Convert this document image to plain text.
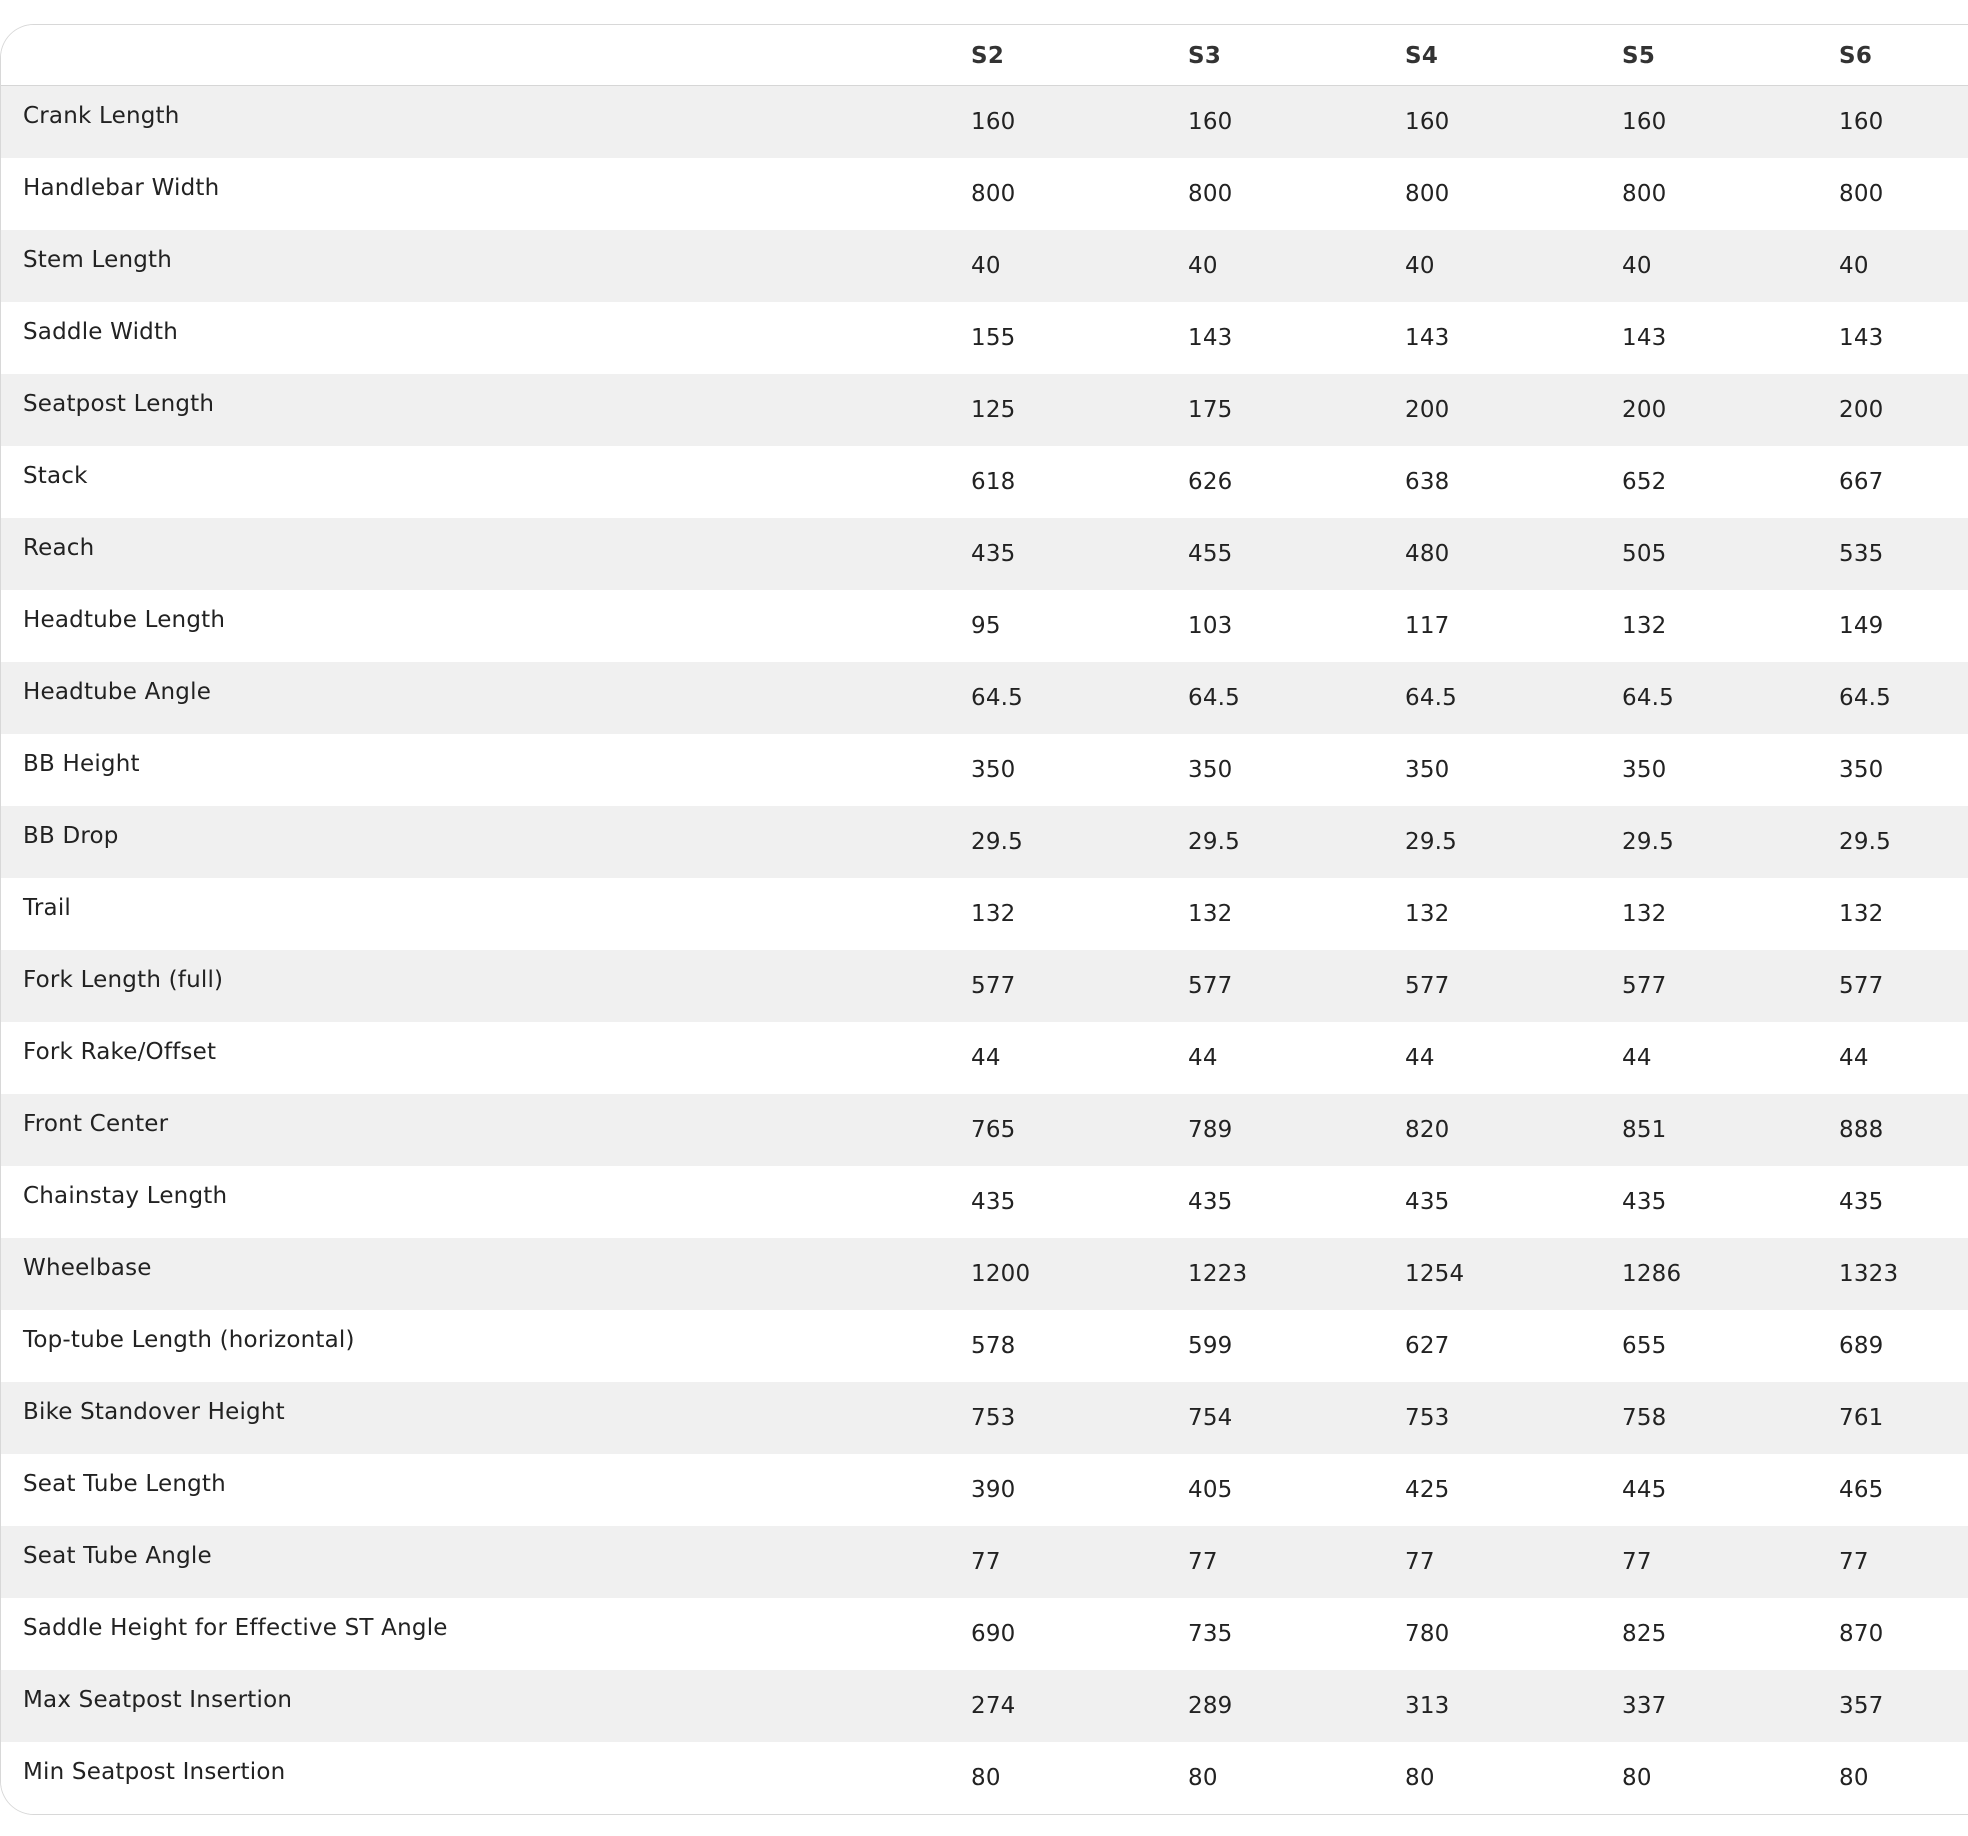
S2	S3	S4	S5	S6
Crank Length	160	160	160	160	160
Handlebar Width	800	800	800	800	800
Stem Length	40	40	40	40	40
Saddle Width	155	143	143	143	143
Seatpost Length	125	175	200	200	200
Stack	618	626	638	652	667
Reach	435	455	480	505	535
Headtube Length	95	103	117	132	149
Headtube Angle	64.5	64.5	64.5	64.5	64.5
BB Height	350	350	350	350	350
BB Drop	29.5	29.5	29.5	29.5	29.5
Trail	132	132	132	132	132
Fork Length (full)	577	577	577	577	577
Fork Rake/Offset	44	44	44	44	44
Front Center	765	789	820	851	888
Chainstay Length	435	435	435	435	435
Wheelbase	1200	1223	1254	1286	1323
Top-tube Length (horizontal)	578	599	627	655	689
Bike Standover Height	753	754	753	758	761
Seat Tube Length	390	405	425	445	465
Seat Tube Angle	77	77	77	77	77
Saddle Height for Effective ST Angle	690	735	780	825	870
Max Seatpost Insertion	274	289	313	337	357
Min Seatpost Insertion	80	80	80	80	80
